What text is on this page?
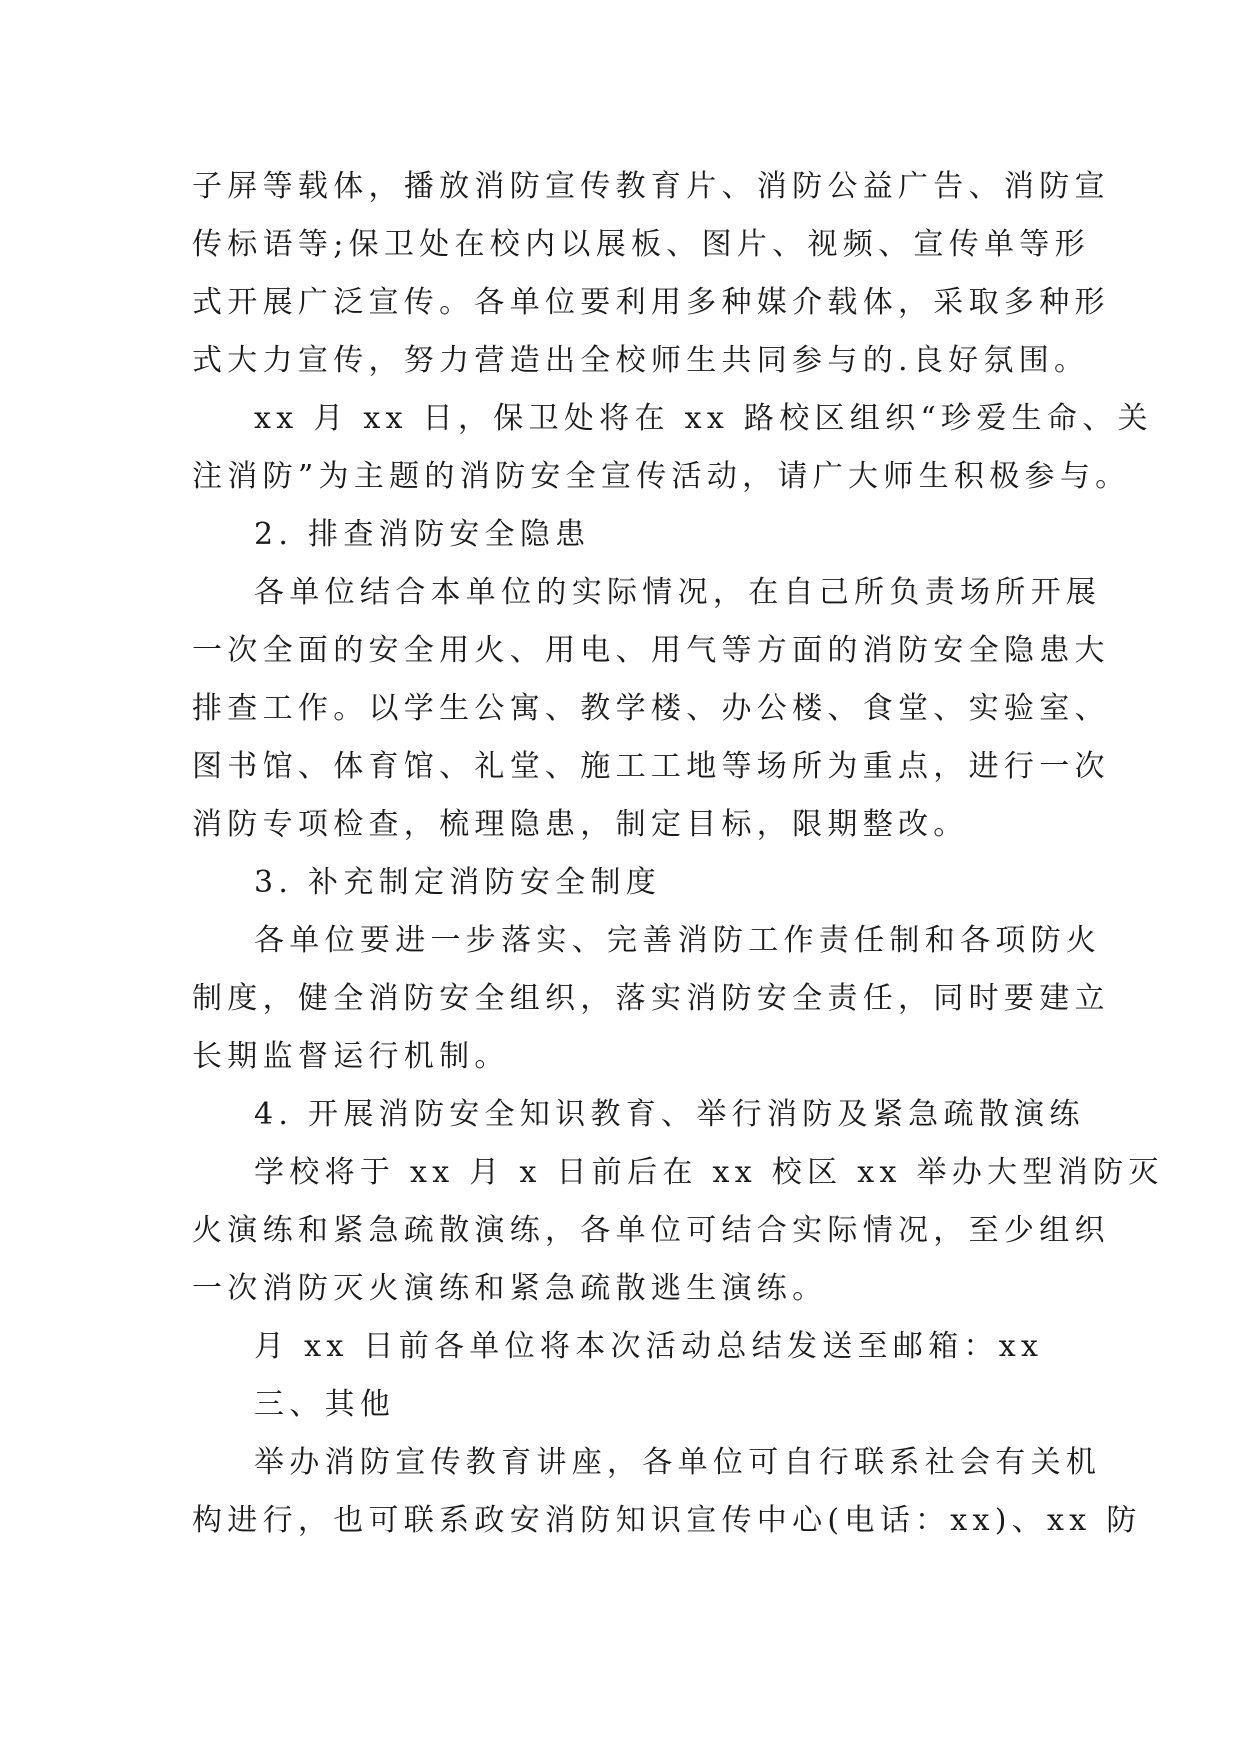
子屏等载体，播放消防宣传教育片、消防公益广告、消防宣
传标语等;保卫处在校内以展板、图片、视频、宣传单等形
式开展广泛宣传。各单位要利用多种媒介载体，采取多种形
式大力宣传，努力营造出全校师生共同参与的.良好氛围。
xx 月 xx 日，保卫处将在 xx 路校区组织“珍爱生命、关
注消防”为主题的消防安全宣传活动，请广大师生积极参与。
2. 排查消防安全隐患
各单位结合本单位的实际情况，在自己所负责场所开展
一次全面的安全用火、用电、用气等方面的消防安全隐患大
排查工作。以学生公寓、教学楼、办公楼、食堂、实验室、
图书馆、体育馆、礼堂、施工工地等场所为重点，进行一次
消防专项检查，梳理隐患，制定目标，限期整改。
3. 补充制定消防安全制度
各单位要进一步落实、完善消防工作责任制和各项防火
制度，健全消防安全组织，落实消防安全责任，同时要建立
长期监督运行机制。
4. 开展消防安全知识教育、举行消防及紧急疏散演练
学校将于 xx 月 x 日前后在 xx 校区 xx 举办大型消防灭
火演练和紧急疏散演练，各单位可结合实际情况，至少组织
一次消防灭火演练和紧急疏散逃生演练。
月 xx 日前各单位将本次活动总结发送至邮箱：xx
三、其他
举办消防宣传教育讲座，各单位可自行联系社会有关机
构进行，也可联系政安消防知识宣传中心(电话：xx)、xx 防
